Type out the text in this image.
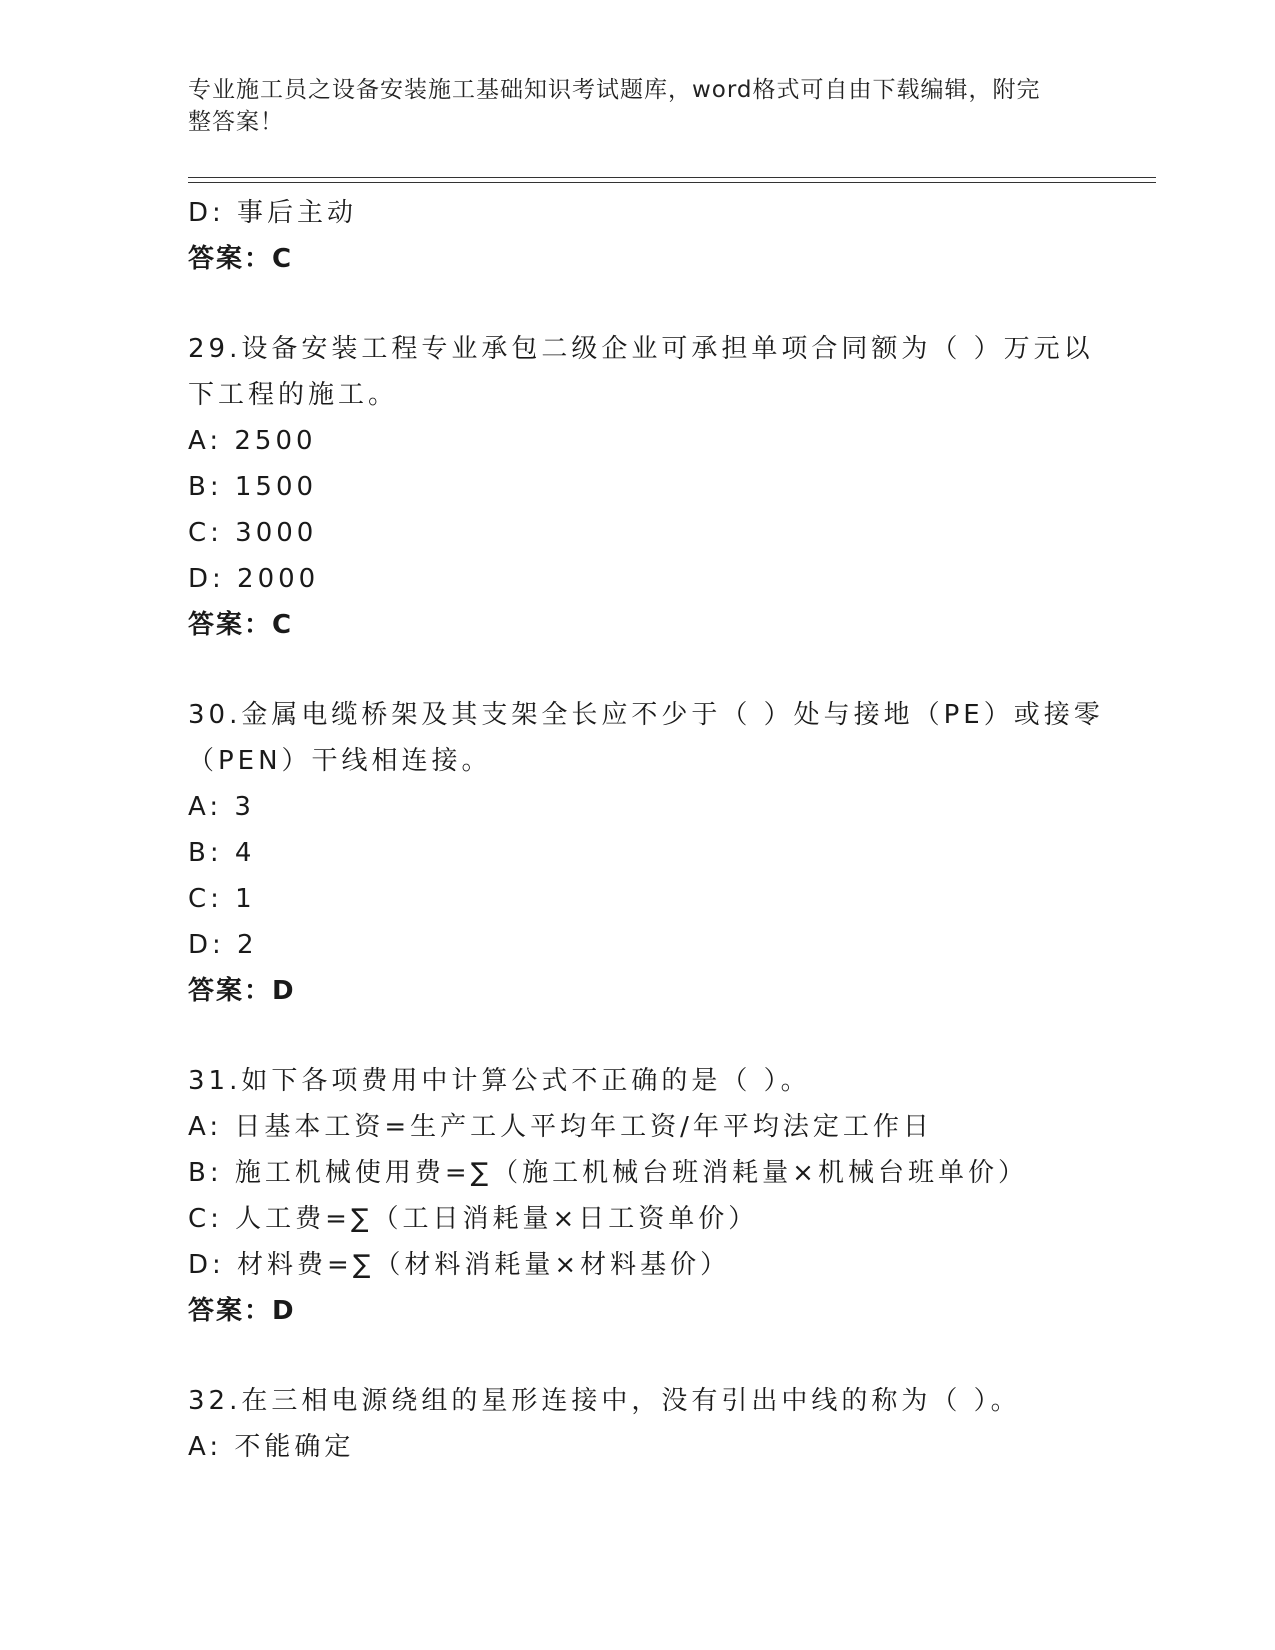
专业施工员之设备安装施工基础知识考试题库，word格式可自由下载编辑，附完
整答案！
D: 事后主动
答案：C
29.设备安装工程专业承包二级企业可承担单项合同额为（ ）万元以
下工程的施工。
A: 2500
B: 1500
C: 3000
D: 2000
答案：C
30.金属电缆桥架及其支架全长应不少于（ ）处与接地（PE）或接零
（PEN）干线相连接。
A: 3
B: 4
C: 1
D: 2
答案：D
31.如下各项费用中计算公式不正确的是（ ）。
A: 日基本工资=生产工人平均年工资/年平均法定工作日
B: 施工机械使用费=∑（施工机械台班消耗量×机械台班单价）
C: 人工费=∑（工日消耗量×日工资单价）
D: 材料费=∑（材料消耗量×材料基价）
答案：D
32.在三相电源绕组的星形连接中，没有引出中线的称为（ ）。
A: 不能确定
